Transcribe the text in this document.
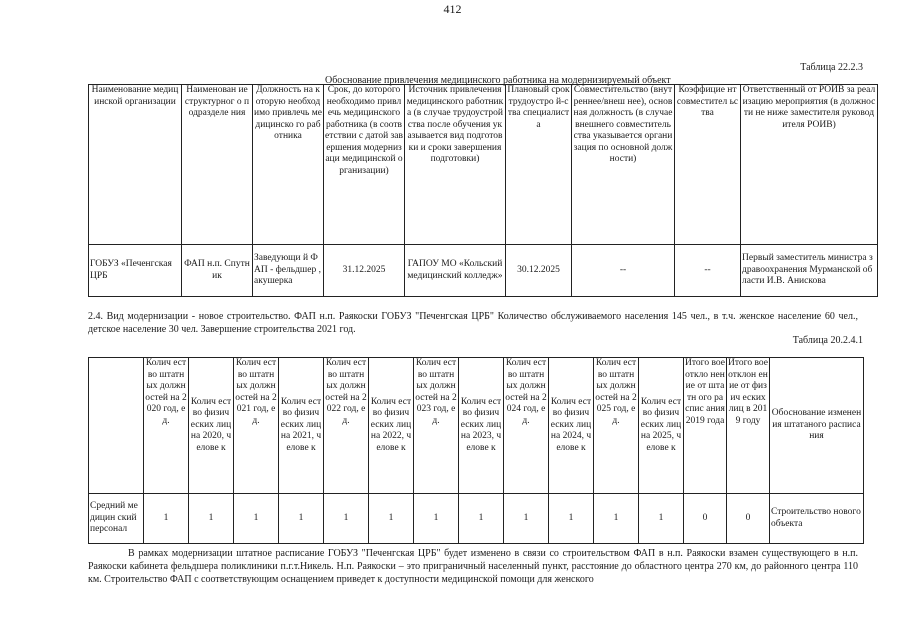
412
Таблица 22.2.3
Обоснование привлечения медицинского работника на модернизируемый объект
Наименование медицинской организации	Наименован ие структурног о подразделе ния	Должность на которую необходимо привлечь медицинско го работника	Срок, до которого необходимо привлечь медицинского работника (в соответствии с датой завершения модернизаци медицинской организации)	Источник привлечения медицинского работника (в случае трудоустройства после обучения указывается вид подготовки и сроки завершения подготовки)	Плановый срок трудоустро й-ства специалиста	Совместительство (внутреннее/внеш нее), основная должность (в случае внешнего совместительства указывается организация по основной должности)	Коэффицие нт совместител ьства	Ответственный от РОИВ за реализацию мероприятия (в должности не ниже заместителя руководителя РОИВ)
ГОБУЗ «Печенгская ЦРБ	ФАП н.п. Спутник	Заведующи й ФАП - фельдшер , акушерка	31.12.2025	ГАПОУ МО «Кольский медицинский колледж»	30.12.2025	--	--	Первый заместитель министра здравоохранения Мурманской области И.В. Анискова
2.4. Вид модернизации - новое строительство. ФАП н.п. Раякоски ГОБУЗ "Печенгская ЦРБ" Количество обслуживаемого населения 145 чел., в т.ч. женское население 60 чел., детское население 30 чел. Завершение строительства 2021 год.
Таблица 20.2.4.1
	Колич ество штатн ых должн остей на 2020 год, ед.	Колич ество физич еских лиц на 2020, челове к	Колич ество штатн ых должн остей на 2021 год, ед.	Колич ество физич еских лиц на 2021, челове к	Колич ество штатн ых должн остей на 2022 год, ед.	Колич ество физич еских лиц на 2022, челове к	Колич ество штатн ых должн остей на 2023 год, ед.	Колич ество физич еских лиц на 2023, челове к	Колич ество штатн ых должн остей на 2024 год, ед.	Колич ество физич еских лиц на 2024, челове к	Колич ество штатн ых должн остей на 2025 год, ед.	Колич ество физич еских лиц на 2025, челове к	Итого вое откло нение от штатн ого распис ания 2019 года	Итого вое отклон ение от физич еских лиц в 2019 году	Обоснование изменения штатаного расписания
Средний медицин ский персонал	1	1	1	1	1	1	1	1	1	1	1	1	0	0	Строительство нового объекта
В рамках модернизации штатное расписание ГОБУЗ "Печенгская ЦРБ" будет изменено в связи со строительством ФАП в н.п. Раякоски взамен существующего в н.п. Раякоски кабинета фельдшера поликлиники п.г.т.Никель. Н.п. Раякоски – это приграничный населенный пункт, расстояние до областного центра 270 км, до районного центра 110 км. Строительство ФАП с соответствующим оснащением приведет к доступности медицинской помощи для женского
